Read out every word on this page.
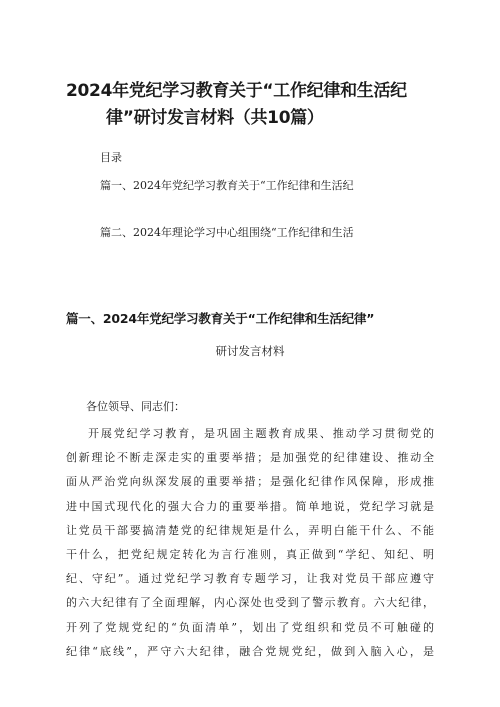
2024年党纪学习教育关于“工作纪律和生活纪
律”研讨发言材料（共10篇）

目录

篇一、2024年党纪学习教育关于“工作纪律和生活纪

篇二、2024年理论学习中心组围绕“工作纪律和生活

篇一、2024年党纪学习教育关于“工作纪律和生活纪律”

研讨发言材料

各位领导、同志们：

开展党纪学习教育，是巩固主题教育成果、推动学习贯彻党的
创新理论不断走深走实的重要举措；是加强党的纪律建设、推动全
面从严治党向纵深发展的重要举措；是强化纪律作风保障，形成推
进中国式现代化的强大合力的重要举措。简单地说，党纪学习就是
让党员干部要搞清楚党的纪律规矩是什么，弄明白能干什么、不能
干什么，把党纪规定转化为言行准则，真正做到“学纪、知纪、明
纪、守纪”。通过党纪学习教育专题学习，让我对党员干部应遵守
的六大纪律有了全面理解，内心深处也受到了警示教育。六大纪律，
开列了党规党纪的“负面清单”，划出了党组织和党员不可触碰的
纪律“底线”，严守六大纪律，融合党规党纪，做到入脑入心，是
